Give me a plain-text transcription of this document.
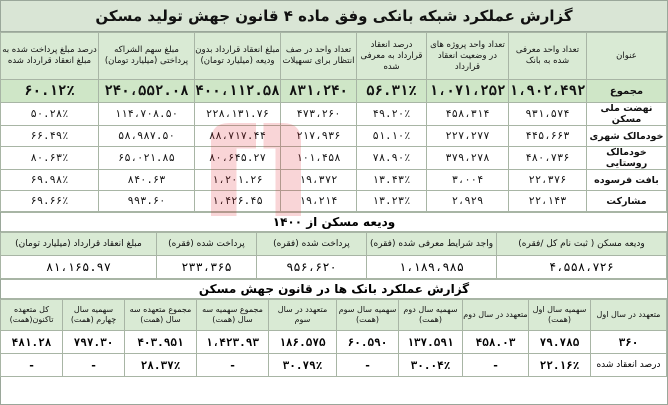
گزارش عملکرد شبکه بانکی وفق ماده ۴ قانون جهش تولید مسکن
عنوان	تعداد واحد معرفی شده به بانک	تعداد واحد پروژه های در وضعیت انعقاد قرارداد	درصد انعقاد قرارداد به معرفی شده	تعداد واحد در صف انتظار برای تسهیلات	مبلغ انعقاد قرارداد بدون ودیعه (میلیارد تومان)	مبلغ سهم الشراکه پرداختی (میلیارد تومان)	درصد مبلغ پرداخت شده به مبلغ انعقاد قرارداد شده
مجموع	۱،۹۰۲،۴۹۲	۱،۰۷۱،۲۵۲	۵۶.۳۱٪	۸۳۱،۲۴۰	۴۰۰،۱۱۲.۵۸	۲۴۰،۵۵۲.۰۸	۶۰.۱۲٪
نهضت ملی مسکن	۹۳۱،۵۷۴	۴۵۸،۳۱۴	۴۹.۲۰٪	۴۷۳،۲۶۰	۲۲۸،۱۳۱.۷۶	۱۱۴،۷۰۸.۵۰	۵۰.۲۸٪
خودمالک شهری	۴۴۵،۶۶۳	۲۲۷،۲۷۷	۵۱.۱۰٪	۲۱۷،۹۳۶	۸۸،۷۱۷.۴۴	۵۸،۹۸۷.۵۰	۶۶.۴۹٪
خودمالک روستایی	۴۸۰،۷۳۶	۳۷۹،۲۷۸	۷۸.۹۰٪	۱۰۱،۴۵۸	۸۰،۶۴۵.۲۷	۶۵،۰۲۱.۸۵	۸۰.۶۳٪
بافت فرسوده	۲۲،۳۷۶	۳،۰۰۴	۱۳.۴۳٪	۱۹،۳۷۲	۱،۲۰۱.۲۶	۸۴۰.۶۳	۶۹.۹۸٪
مشارکت	۲۲،۱۴۳	۲،۹۲۹	۱۳.۲۳٪	۱۹،۲۱۴	۱،۴۲۶.۴۵	۹۹۳.۶۰	۶۹.۶۶٪
ودیعه مسکن از ۱۴۰۰
ودیعه مسکن ( ثبت نام کل /فقره)	واجد شرایط معرفی شده (فقره)	پرداخت شده (فقره)	پرداخت شده (فقره)	مبلغ انعقاد قرارداد (میلیارد تومان)
۴،۵۵۸،۷۲۶	۱،۱۸۹،۹۸۵	۹۵۶،۶۲۰	۲۳۳،۳۶۵	۸۱،۱۶۵.۹۷
گزارش عملکرد بانک ها در قانون جهش مسکن
متعهدد در سال اول	سهمیه سال اول (همت)	متعهدد در سال دوم	سهمیه سال دوم (همت)	سهمیه سال سوم (همت)	متعهدد در سال سوم	مجموع سهمیه سه سال (همت)	مجموع متعهده سه سال (همت)	سهمیه سال چهارم (همت)	کل متعهده تاکنون(همت)
۳۶۰	۷۹.۷۸۵	۴۵۸.۰۳	۱۳۷.۵۹۱	۶۰.۵۹۰	۱۸۶.۵۷۵	۱،۴۲۳.۹۳	۴۰۳.۹۵۱	۷۹۷.۳۰	۴۸۱.۲۸
درصد انعقاد شده	۲۲.۱۶٪	-	۳۰.۰۴٪	-	۳۰.۷۹٪	-	۲۸.۳۷٪	-	-
